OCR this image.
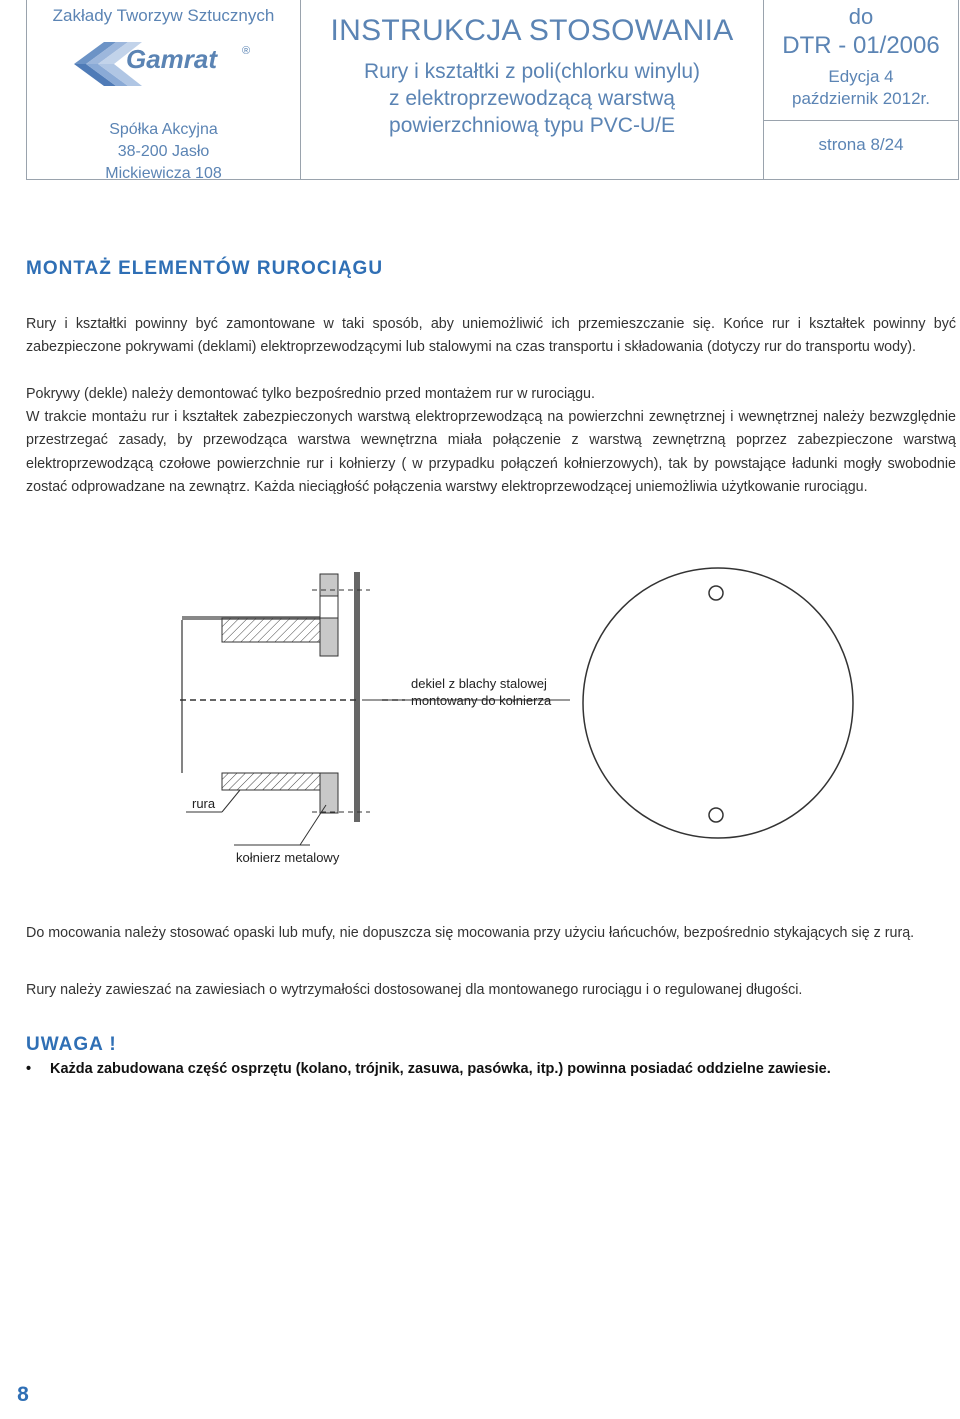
Zakłady Tworzyw Sztucznych
Gamrat ®
Spółka Akcyjna
38-200 Jasło
Mickiewicza 108
INSTRUKCJA STOSOWANIA
Rury i kształtki z poli(chlorku winylu)
z elektroprzewodzącą warstwą
powierzchniową typu PVC-U/E
do
DTR - 01/2006
Edycja 4
październik 2012r.
strona 8/24
MONTAŻ ELEMENTÓW RUROCIĄGU

Rury i kształtki powinny być zamontowane w taki sposób, aby uniemożliwić ich przemieszczanie się. Końce rur i kształtek powinny być zabezpieczone pokrywami (deklami) elektroprzewodzącymi lub stalowymi na czas transportu i składowania (dotyczy rur do transportu wody).

Pokrywy (dekle) należy demontować tylko bezpośrednio przed montażem rur w rurociągu.

W trakcie montażu rur i kształtek zabezpieczonych warstwą elektroprzewodzącą na powierzchni zewnętrznej i wewnętrznej należy bezwzględnie przestrzegać zasady, by przewodząca warstwa wewnętrzna miała połączenie z warstwą zewnętrzną poprzez zabezpieczone warstwą elektroprzewodzącą czołowe powierzchnie rur i kołnierzy ( w przypadku połączeń kołnierzowych), tak by powstające ładunki mogły swobodnie zostać odprowadzane na zewnątrz. Każda nieciągłość połączenia warstwy elektroprzewodzącej uniemożliwia użytkowanie rurociągu.

dekiel z blachy stalowej
montowany do kołnierza
rura
kołnierz metalowy

Do mocowania należy stosować opaski lub mufy, nie dopuszcza się mocowania przy użyciu łańcuchów, bezpośrednio stykających się z rurą.

Rury należy zawieszać na zawiesiach o wytrzymałości dostosowanej dla montowanego rurociągu i o regulowanej długości.

UWAGA !
• Każda zabudowana część osprzętu (kolano, trójnik, zasuwa, pasówka, itp.) powinna posiadać oddzielne zawiesie.
8
